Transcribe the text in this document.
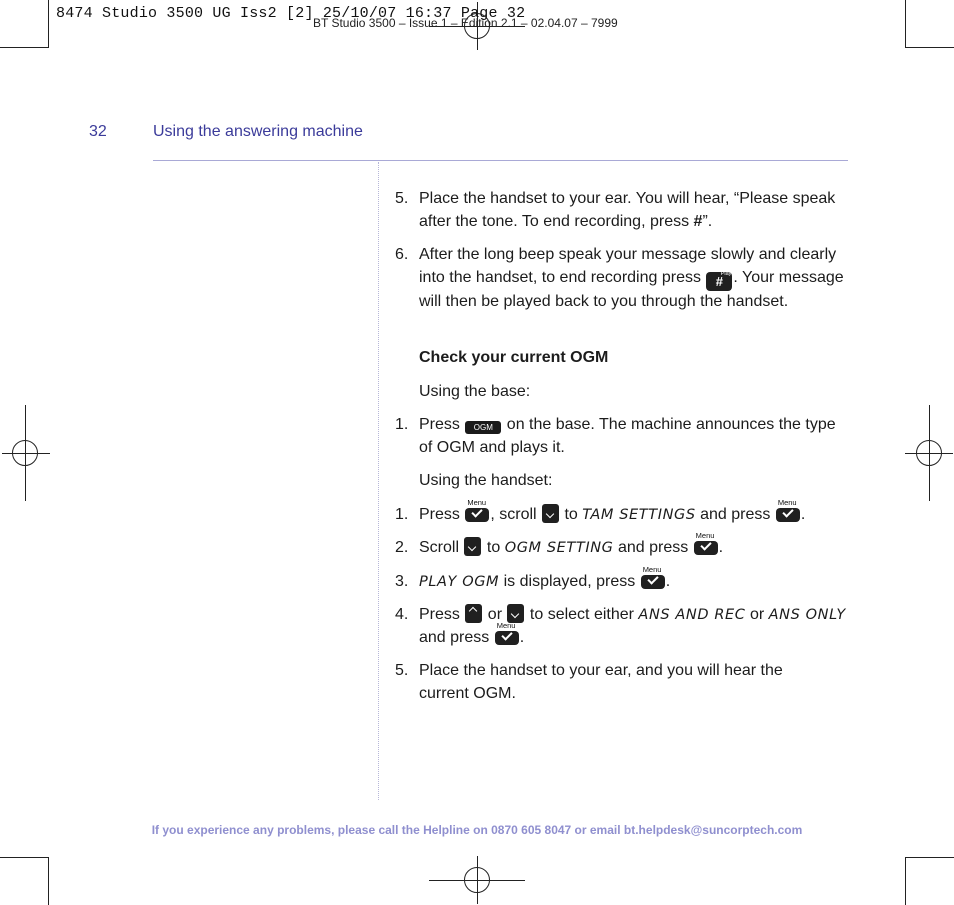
BT Studio 3500 – Issue 1 – Edition 2.1 – 02.04.07 – 7999
8474 Studio 3500 UG Iss2 [2] 25/10/07 16:37 Page 32
32	Using the answering machine
5. Place the handset to your ear. You will hear, “Please speak after the tone. To end recording, press #”.
6. After the long beep speak your message slowly and clearly into the handset, to end recording press #
Play . Your message will then be played back to you through the handset.
Check your current OGM
Using the base:
1. Press OGM on the base. The machine announces the type of OGM and plays it.
Using the handset:
1. Press
Menu
, scroll
to TAM SETTINGS and press
Menu
.
2. Scroll
to OGM SETTING and press
Menu
.
3. PLAY OGM is displayed, press
Menu
.
4. Press
or
to select either ANS AND REC or ANS ONLY and press
Menu
.
5. Place the handset to your ear, and you will hear the current OGM.
If you experience any problems, please call the Helpline on 0870 605 8047 or email bt.helpdesk@suncorptech.com
